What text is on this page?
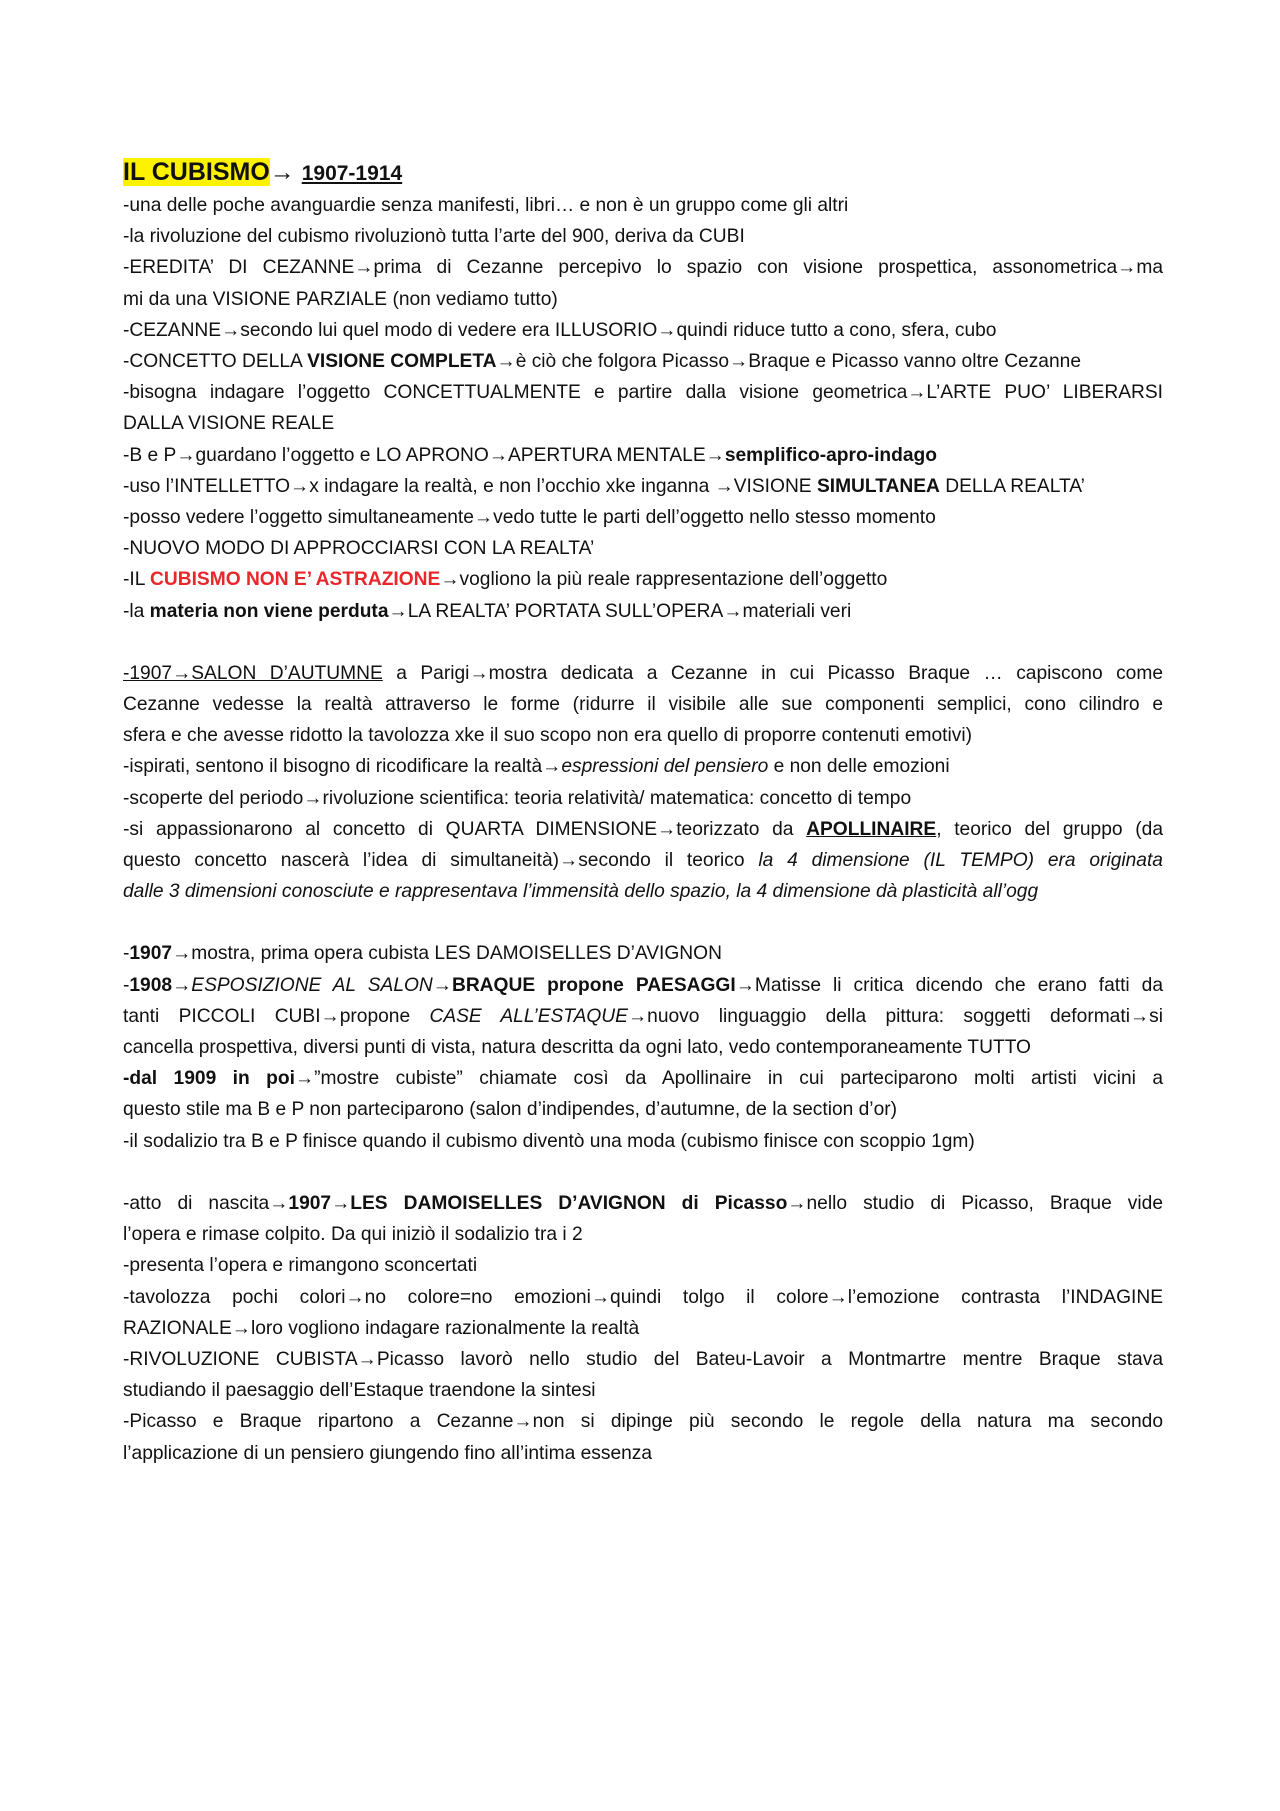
IL CUBISMO→ 1907-1914
-una delle poche avanguardie senza manifesti, libri… e non è un gruppo come gli altri
-la rivoluzione del cubismo rivoluzionò tutta l’arte del 900, deriva da CUBI
-EREDITA’ DI CEZANNE→prima di Cezanne percepivo lo spazio con visione prospettica, assonometrica→ma
mi da una VISIONE PARZIALE (non vediamo tutto)
-CEZANNE→secondo lui quel modo di vedere era ILLUSORIO→quindi riduce tutto a cono, sfera, cubo
-CONCETTO DELLA VISIONE COMPLETA→è ciò che folgora Picasso→Braque e Picasso vanno oltre Cezanne
-bisogna indagare l’oggetto CONCETTUALMENTE e partire dalla visione geometrica→L’ARTE PUO’ LIBERARSI
DALLA VISIONE REALE
-B e P→guardano l’oggetto e LO APRONO→APERTURA MENTALE→semplifico-apro-indago
-uso l’INTELLETTO→x indagare la realtà, e non l’occhio xke inganna →VISIONE SIMULTANEA DELLA REALTA’
-posso vedere l’oggetto simultaneamente→vedo tutte le parti dell’oggetto nello stesso momento
-NUOVO MODO DI APPROCCIARSI CON LA REALTA’
-IL CUBISMO NON E’ ASTRAZIONE→vogliono la più reale rappresentazione dell’oggetto
-la materia non viene perduta→LA REALTA’ PORTATA SULL’OPERA→materiali veri
-1907→SALON D’AUTUMNE a Parigi→mostra dedicata a Cezanne in cui Picasso Braque … capiscono come
Cezanne vedesse la realtà attraverso le forme (ridurre il visibile alle sue componenti semplici, cono cilindro e
sfera e che avesse ridotto la tavolozza xke il suo scopo non era quello di proporre contenuti emotivi)
-ispirati, sentono il bisogno di ricodificare la realtà→espressioni del pensiero e non delle emozioni
-scoperte del periodo→rivoluzione scientifica: teoria relatività/ matematica: concetto di tempo
-si appassionarono al concetto di QUARTA DIMENSIONE→teorizzato da APOLLINAIRE, teorico del gruppo (da
questo concetto nascerà l’idea di simultaneità)→secondo il teorico la 4 dimensione (IL TEMPO) era originata
dalle 3 dimensioni conosciute e rappresentava l’immensità dello spazio, la 4 dimensione dà plasticità all’ogg
-1907→mostra, prima opera cubista LES DAMOISELLES D’AVIGNON
-1908→ESPOSIZIONE AL SALON→BRAQUE propone PAESAGGI→Matisse li critica dicendo che erano fatti da
tanti PICCOLI CUBI→propone CASE ALL’ESTAQUE→nuovo linguaggio della pittura: soggetti deformati→si
cancella prospettiva, diversi punti di vista, natura descritta da ogni lato, vedo contemporaneamente TUTTO
-dal 1909 in poi→”mostre cubiste” chiamate così da Apollinaire in cui parteciparono molti artisti vicini a
questo stile ma B e P non parteciparono (salon d’indipendes, d’autumne, de la section d’or)
-il sodalizio tra B e P finisce quando il cubismo diventò una moda (cubismo finisce con scoppio 1gm)
-atto di nascita→1907→LES DAMOISELLES D’AVIGNON di Picasso→nello studio di Picasso, Braque vide
l’opera e rimase colpito. Da qui iniziò il sodalizio tra i 2
-presenta l’opera e rimangono sconcertati
-tavolozza pochi colori→no colore=no emozioni→quindi tolgo il colore→l’emozione contrasta l’INDAGINE
RAZIONALE→loro vogliono indagare razionalmente la realtà
-RIVOLUZIONE CUBISTA→Picasso lavorò nello studio del Bateu-Lavoir a Montmartre mentre Braque stava
studiando il paesaggio dell’Estaque traendone la sintesi
-Picasso e Braque ripartono a Cezanne→non si dipinge più secondo le regole della natura ma secondo
l’applicazione di un pensiero giungendo fino all’intima essenza
